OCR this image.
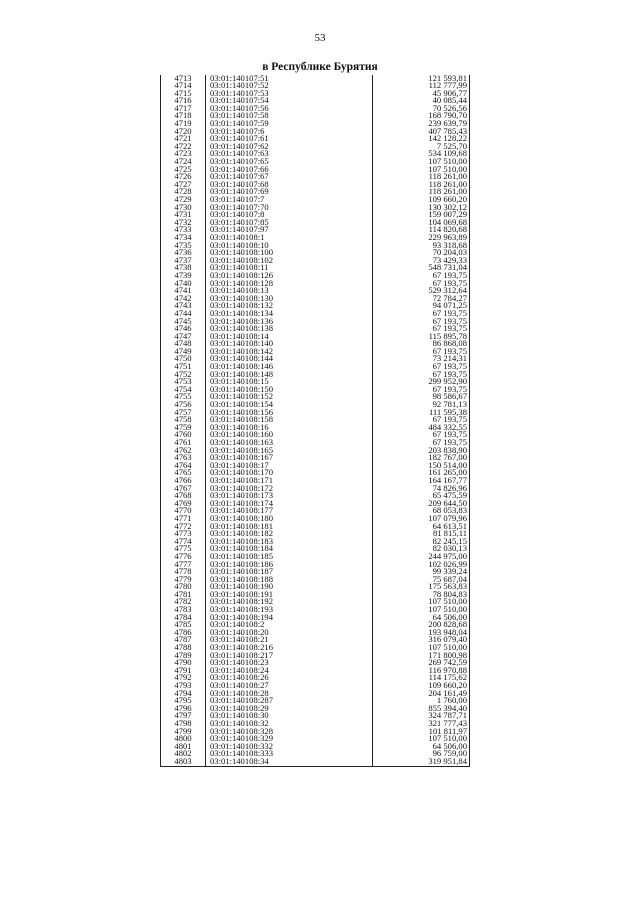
53
в Республике Бурятия
4713	03:01:140107:51	121 593,81
4714	03:01:140107:52	112 777,99
4715	03:01:140107:53	45 906,77
4716	03:01:140107:54	40 085,44
4717	03:01:140107:56	70 526,56
4718	03:01:140107:58	168 790,70
4719	03:01:140107:59	239 639,79
4720	03:01:140107:6	407 785,43
4721	03:01:140107:61	142 128,22
4722	03:01:140107:62	7 525,70
4723	03:01:140107:63	534 109,68
4724	03:01:140107:65	107 510,00
4725	03:01:140107:66	107 510,00
4726	03:01:140107:67	118 261,00
4727	03:01:140107:68	118 261,00
4728	03:01:140107:69	118 261,00
4729	03:01:140107:7	109 660,20
4730	03:01:140107:70	130 302,12
4731	03:01:140107:8	159 007,29
4732	03:01:140107:85	104 069,68
4733	03:01:140107:97	114 820,68
4734	03:01:140108:1	229 963,89
4735	03:01:140108:10	93 318,68
4736	03:01:140108:100	70 204,03
4737	03:01:140108:102	73 429,33
4738	03:01:140108:11	548 731,04
4739	03:01:140108:126	67 193,75
4740	03:01:140108:128	67 193,75
4741	03:01:140108:13	529 312,64
4742	03:01:140108:130	72 784,27
4743	03:01:140108:132	94 071,25
4744	03:01:140108:134	67 193,75
4745	03:01:140108:136	67 193,75
4746	03:01:140108:138	67 193,75
4747	03:01:140108:14	115 895,78
4748	03:01:140108:140	86 868,08
4749	03:01:140108:142	67 193,75
4750	03:01:140108:144	73 214,31
4751	03:01:140108:146	67 193,75
4752	03:01:140108:148	67 193,75
4753	03:01:140108:15	299 952,90
4754	03:01:140108:150	67 193,75
4755	03:01:140108:152	98 586,67
4756	03:01:140108:154	92 781,13
4757	03:01:140108:156	111 595,38
4758	03:01:140108:158	67 193,75
4759	03:01:140108:16	484 332,55
4760	03:01:140108:160	67 193,75
4761	03:01:140108:163	67 193,75
4762	03:01:140108:165	203 838,90
4763	03:01:140108:167	182 767,00
4764	03:01:140108:17	150 514,00
4765	03:01:140108:170	161 265,00
4766	03:01:140108:171	164 167,77
4767	03:01:140108:172	74 826,96
4768	03:01:140108:173	65 475,59
4769	03:01:140108:174	209 644,50
4770	03:01:140108:177	68 053,83
4771	03:01:140108:180	107 079,96
4772	03:01:140108:181	64 613,51
4773	03:01:140108:182	81 815,11
4774	03:01:140108:183	82 245,15
4775	03:01:140108:184	82 030,13
4776	03:01:140108:185	244 975,00
4777	03:01:140108:186	102 026,99
4778	03:01:140108:187	99 339,24
4779	03:01:140108:188	75 687,04
4780	03:01:140108:190	175 563,83
4781	03:01:140108:191	78 804,83
4782	03:01:140108:192	107 510,00
4783	03:01:140108:193	107 510,00
4784	03:01:140108:194	64 506,00
4785	03:01:140108:2	200 828,68
4786	03:01:140108:20	193 948,04
4787	03:01:140108:21	316 079,40
4788	03:01:140108:216	107 510,00
4789	03:01:140108:217	171 800,98
4790	03:01:140108:23	269 742,59
4791	03:01:140108:24	116 970,88
4792	03:01:140108:26	114 175,62
4793	03:01:140108:27	109 660,20
4794	03:01:140108:28	204 161,49
4795	03:01:140108:287	1 760,00
4796	03:01:140108:29	855 394,40
4797	03:01:140108:30	324 787,71
4798	03:01:140108:32	321 777,43
4799	03:01:140108:328	101 811,97
4800	03:01:140108:329	107 510,00
4801	03:01:140108:332	64 506,00
4802	03:01:140108:333	96 759,00
4803	03:01:140108:34	319 951,84
